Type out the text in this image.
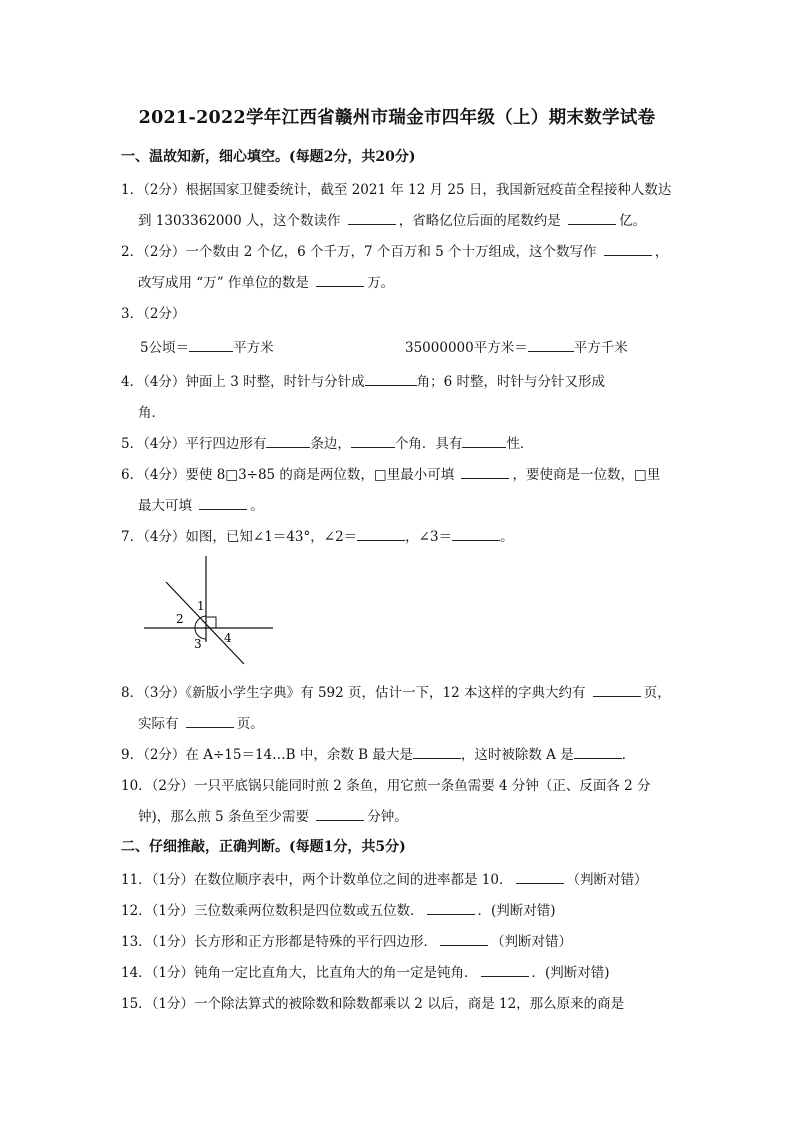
2021-2022学年江西省赣州市瑞金市四年级（上）期末数学试卷
一、温故知新，细心填空。(每题2分，共20分)
1．（2分）根据国家卫健委统计，截至 2021 年 12 月 25 日，我国新冠疫苗全程接种人数达
到 1303362000 人，这个数读作	，省略亿位后面的尾数约是	亿。
2．（2分）一个数由 2 个亿，6 个千万，7 个百万和 5 个十万组成，这个数写作	，
改写成用 “万” 作单位的数是	万。
3．（2分）
5公顷＝	平方米	35000000平方米＝	平方千米
4．（4分）钟面上 3 时整，时针与分针成	角；6 时整，时针与分针又形成
角．
5．（4分）平行四边形有	条边，	个角．具有	性．
6．（4分）要使 8□3÷85 的商是两位数，□里最小可填	，要使商是一位数，□里
最大可填	。
7．（4分）如图，已知∠1＝43°，∠2＝	，∠3＝	。
1
2
3 4
8．（3分）《新版小学生字典》有 592 页，估计一下，12 本这样的字典大约有	页，
实际有	页。
9．（2分）在 A÷15＝14…B 中，余数 B 最大是	，这时被除数 A 是	．
10．（2分）一只平底锅只能同时煎 2 条鱼，用它煎一条鱼需要 4 分钟（正、反面各 2 分
钟)，那么煎 5 条鱼至少需要	分钟。
二、仔细推敲，正确判断。(每题1分，共5分)
11．（1分）在数位顺序表中，两个计数单位之间的进率都是 10．	（判断对错）
12．（1分）三位数乘两位数积是四位数或五位数．	．(判断对错)
13．（1分）长方形和正方形都是特殊的平行四边形．	（判断对错）
14．（1分）钝角一定比直角大，比直角大的角一定是钝角．	．(判断对错)
15．（1分）一个除法算式的被除数和除数都乘以 2 以后，商是 12，那么原来的商是
